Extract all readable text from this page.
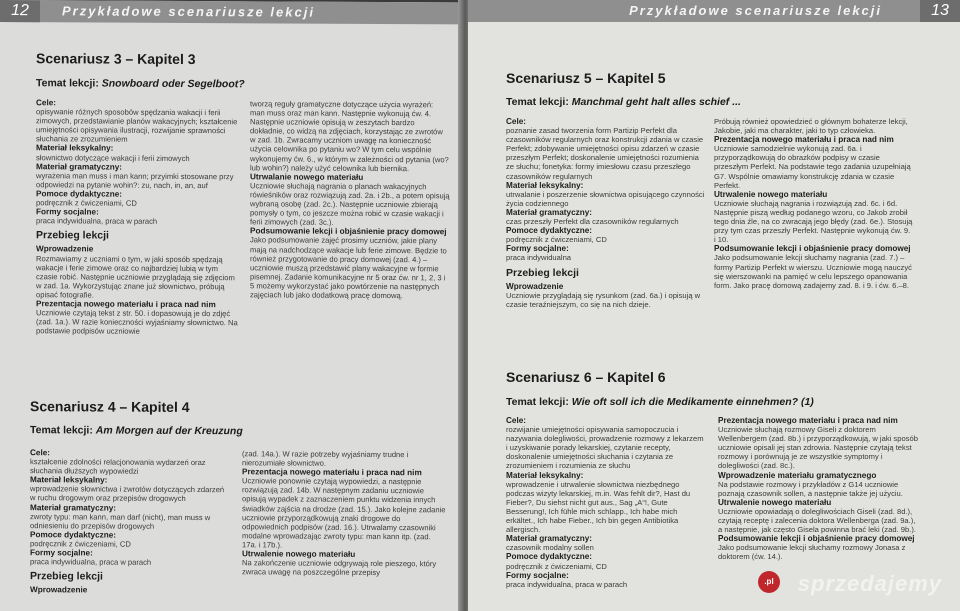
12	Przykładowe scenariusze lekcji
Scenariusz 3 – Kapitel 3
Temat lekcji: Snowboard oder Segelboot?

Cele:

opisywanie różnych sposobów spędzania wakacji i ferii zimowych, przedstawianie planów wakacyjnych; kształcenie umiejętności opisywania ilustracji, rozwijanie sprawności słuchania ze zrozumieniem

Materiał leksykalny:

słownictwo dotyczące wakacji i ferii zimowych

Materiał gramatyczny:

wyrażenia man muss i man kann; przyimki stosowane przy odpowiedzi na pytanie wohin?: zu, nach, in, an, auf

Pomoce dydaktyczne:

podręcznik z ćwiczeniami, CD

Formy socjalne:

praca indywidualna, praca w parach

Przebieg lekcji

Wprowadzenie

Rozmawiamy z uczniami o tym, w jaki sposób spędzają wakacje i ferie zimowe oraz co najbardziej lubią w tym czasie robić. Następnie uczniowie przyglądają się zdjęciom w zad. 1a. Wykorzystując znane już słownictwo, próbują opisać fotografie.

Prezentacja nowego materiału i praca nad nim

Uczniowie czytają tekst z str. 50. i dopasowują je do zdjęć (zad. 1a.). W razie konieczności wyjaśniamy słownictwo. Na podstawie podpisów uczniowie

tworzą reguły gramatyczne dotyczące użycia wyrażeń: man muss oraz man kann. Następnie wykonują ćw. 4.

Następnie uczniowie opisują w zeszytach bardzo dokładnie, co widzą na zdjęciach, korzystając ze zwrotów w zad. 1b. Zwracamy uczniom uwagę na konieczność użycia celownika po pytaniu wo? W tym celu wspólnie wykonujemy ćw. 6., w którym w zależności od pytania (wo? lub wohin?) należy użyć celownika lub biernika.

Utrwalanie nowego materiału

Uczniowie słuchają nagrania o planach wakacyjnych rówieśników oraz rozwiązują zad. 2a. i 2b., a potem opisują wybraną osobę (zad. 2c.). Następnie uczniowie zbierają pomysły o tym, co jeszcze można robić w czasie wakacji i ferii zimowych (zad. 3c.).

Podsumowanie lekcji i objaśnienie pracy domowej

Jako podsumowanie zajęć prosimy uczniów, jakie plany mają na nadchodzące wakacje lub ferie zimowe. Będzie to również przygotowanie do pracy domowej (zad. 4.) – uczniowie muszą przedstawić plany wakacyjne w formie pisemnej. Zadanie komunikacyjne nr 5 oraz ćw. nr 1, 2, 3 i 5 możemy wykorzystać jako powtórzenie na następnych zajęciach lub jako dodatkową pracę domową.

Scenariusz 4 – Kapitel 4
Temat lekcji: Am Morgen auf der Kreuzung

Cele:

kształcenie zdolności relacjonowania wydarzeń oraz słuchania dłuższych wypowiedzi

Materiał leksykalny:

wprowadzenie słownictwa i zwrotów dotyczących zdarzeń w ruchu drogowym oraz przepisów drogowych

Materiał gramatyczny:

zwroty typu: man kann, man darf (nicht), man muss w odniesieniu do przepisów drogowych

Pomoce dydaktyczne:

podręcznik z ćwiczeniami, CD

Formy socjalne:

praca indywidualna, praca w parach

Przebieg lekcji

Wprowadzenie

(zad. 14a.). W razie potrzeby wyjaśniamy trudne i nierozumiałe słownictwo.

Prezentacja nowego materiału i praca nad nim

Uczniowie ponownie czytają wypowiedzi, a następnie rozwiązują zad. 14b. W następnym zadaniu uczniowie opisują wypadek z zaznaczeniem punktu widzenia innych świadków zajścia na drodze (zad. 15.). Jako kolejne zadanie uczniowie przyporządkowują znaki drogowe do odpowiednich podpisów (zad. 16.). Utrwalamy czasowniki modalne wprowadzając zwroty typu: man kann itp. (zad. 17a. i 17b.).

Utrwalenie nowego materiału

Na zakończenie uczniowie odgrywają role pieszego, który zwraca uwagę na poszczególne przepisy

Przykładowe scenariusze lekcji	13
Scenariusz 5 – Kapitel 5
Temat lekcji: Manchmal geht halt alles schief ...

Cele:

poznanie zasad tworzenia form Partizip Perfekt dla czasowników regularnych oraz konstrukcji zdania w czasie Perfekt; zdobywanie umiejętności opisu zdarzeń w czasie przeszłym Perfekt; doskonalenie umiejętności rozumienia ze słuchu; fonetyka: formy imiesłowu czasu przeszłego czasowników regularnych

Materiał leksykalny:

utrwalanie i poszerzenie słownictwa opisującego czynności życia codziennego

Materiał gramatyczny:

czas przeszły Perfekt dla czasowników regularnych

Pomoce dydaktyczne:

podręcznik z ćwiczeniami, CD

Formy socjalne:

praca indywidualna

Przebieg lekcji

Wprowadzenie

Uczniowie przyglądają się rysunkom (zad. 6a.) i opisują w czasie teraźniejszym, co się na nich dzieje.

Próbują również opowiedzieć o głównym bohaterze lekcji, Jakobie, jaki ma charakter, jaki to typ człowieka.

Prezentacja nowego materiału i praca nad nim

Uczniowie samodzielnie wykonują zad. 6a. i przyporządkowują do obrazków podpisy w czasie przeszłym Perfekt. Na podstawie tego zadania uzupełniają G7. Wspólnie omawiamy konstrukcję zdania w czasie Perfekt.

Utrwalenie nowego materiału

Uczniowie słuchają nagrania i rozwiązują zad. 6c. i 6d. Następnie piszą według podanego wzoru, co Jakob zrobił tego dnia źle, na co zwracają jego błędy (zad. 6e.). Stosują przy tym czas przeszły Perfekt. Następnie wykonują ćw. 9. i 10.

Podsumowanie lekcji i objaśnienie pracy domowej

Jako podsumowanie lekcji słuchamy nagrania (zad. 7.) – formy Partizip Perfekt w wierszu. Uczniowie mogą nauczyć się wierszowanki na pamięć w celu lepszego opanowania form. Jako pracę domową zadajemy zad. 8. i 9. i ćw. 6.–8.

Scenariusz 6 – Kapitel 6
Temat lekcji: Wie oft soll ich die Medikamente einnehmen? (1)

Cele:

rozwijanie umiejętności opisywania samopoczucia i nazywania dolegliwości, prowadzenie rozmowy z lekarzem i uzyskiwanie porady lekarskiej, czytanie recepty, doskonalenie umiejętności słuchania i czytania ze zrozumieniem i rozumienia ze słuchu

Materiał leksykalny:

wprowadzenie i utrwalenie słownictwa niezbędnego podczas wizyty lekarskiej, m.in. Was fehlt dir?, Hast du Fieber?, Du siehst nicht gut aus., Sag „A“!, Gute Besserung!, Ich fühle mich schlapp., Ich habe mich erkältet., Ich habe Fieber., Ich bin gegen Antibiotika allergisch.

Materiał gramatyczny:

czasownik modalny sollen

Pomoce dydaktyczne:

podręcznik z ćwiczeniami, CD

Formy socjalne:

praca indywidualna, praca w parach

Prezentacja nowego materiału i praca nad nim

Uczniowie słuchają rozmowy Giseli z doktorem Wellenbergem (zad. 8b.) i przyporządkowują, w jaki sposób uczniowie opisali jej stan zdrowia. Następnie czytają tekst rozmowy i porównują je ze wszystkie symptomy i dolegliwości (zad. 8c.).

Wprowadzenie materiału gramatycznego

Na podstawie rozmowy i przykładów z G14 uczniowie poznają czasownik sollen, a następnie także jej użyciu.

Utrwalenie nowego materiału

Uczniowie opowiadają o dolegliwościach Giseli (zad. 8d.), czytają receptę i zalecenia doktora Wellenberga (zad. 9a.), a następnie, jak często Gisela powinna brać leki (zad. 9b.).

Podsumowanie lekcji i objaśnienie pracy domowej

Jako podsumowanie lekcji słuchamy rozmowy Jonasa z doktorem (ćw. 14.).

.pl sprzedajemy
